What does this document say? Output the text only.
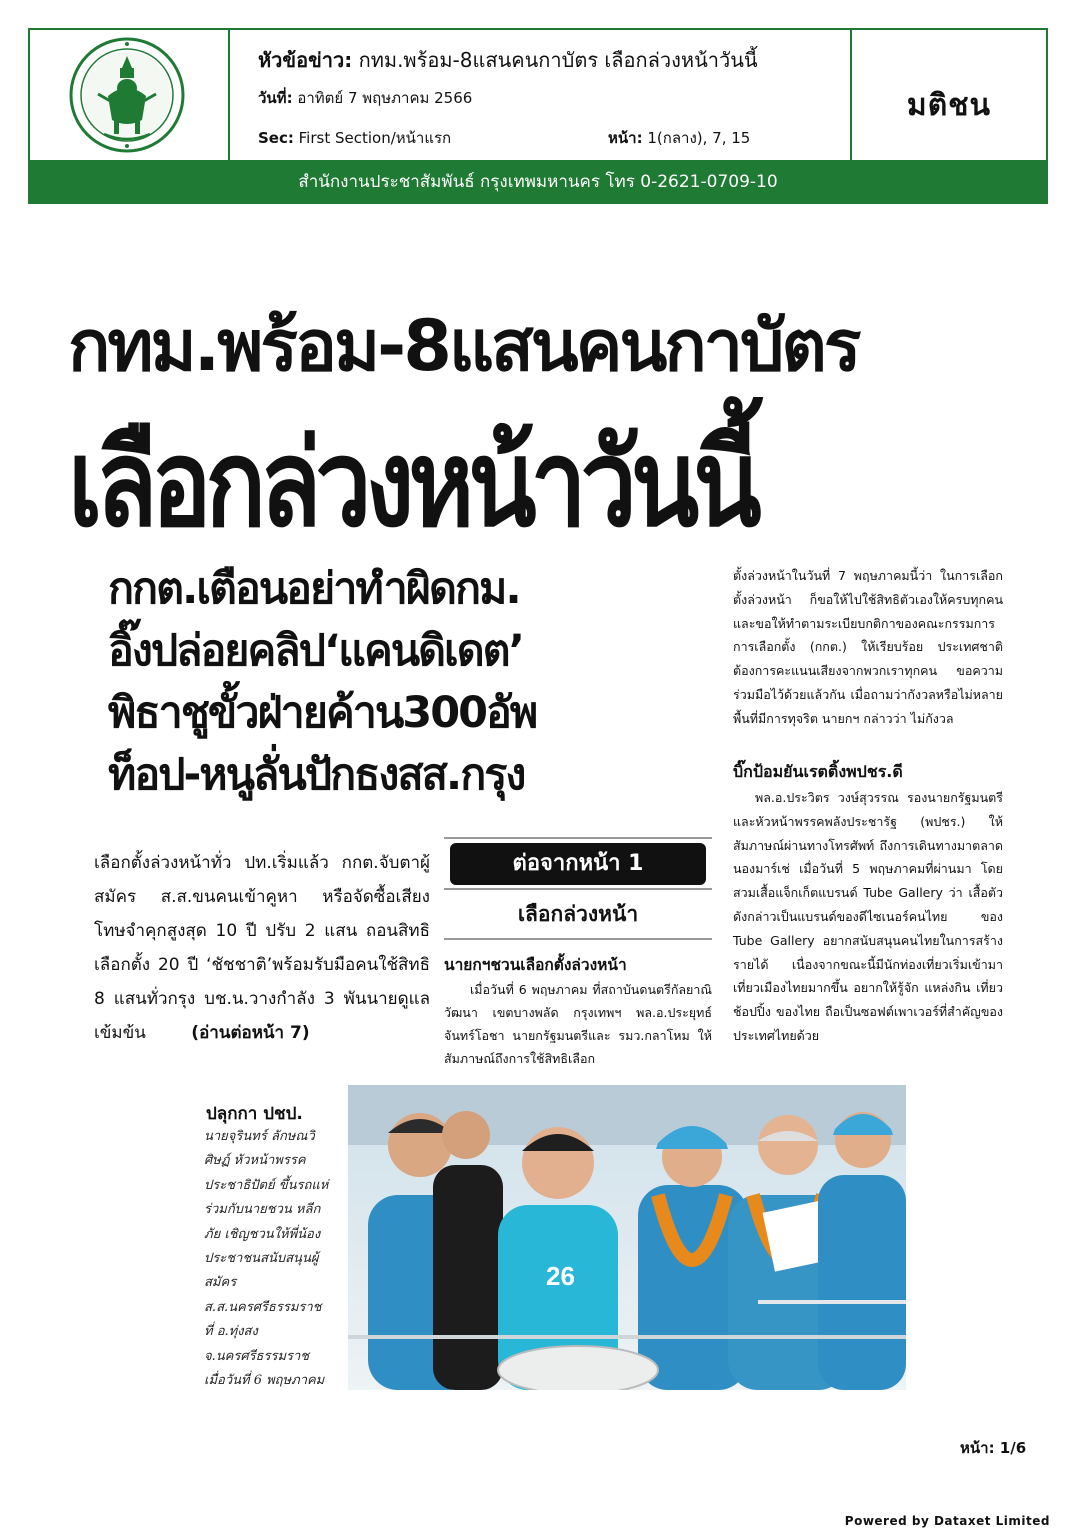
หัวข้อข่าว: กทม.พร้อม-8แสนคนกาบัตร เลือกล่วงหน้าวันนี้
วันที่: อาทิตย์ 7 พฤษภาคม 2566
Sec: First Section/หน้าแรก	หน้า: 1(กลาง), 7, 15
มติชน
สำนักงานประชาสัมพันธ์ กรุงเทพมหานคร โทร 0-2621-0709-10
กทม.พร้อม-8แสนคนกาบัตร
เลือกล่วงหน้าวันนี้
กกต.เตือนอย่าทำผิดกม.
อิ๊งปล่อยคลิป‘แคนดิเดต’
พิธาชูขั้วฝ่ายค้าน300อัพ
ท็อป-หนูลั่นปักธงสส.กรุง
เลือกตั้งล่วงหน้าทั่ว ปท.เริ่มแล้ว กกต.จับตาผู้สมัคร ส.ส.ขนคนเข้าคูหา หรือจัดซื้อเสียง โทษจำคุกสูงสุด 10 ปี ปรับ 2 แสน ถอนสิทธิเลือกตั้ง 20 ปี ‘ชัชชาติ’พร้อมรับมือคนใช้สิทธิ 8 แสนทั่วกรุง บช.น.วางกำลัง 3 พันนายดูแลเข้มข้น	(อ่านต่อหน้า 7)
ต่อจากหน้า 1
เลือกล่วงหน้า
นายกฯชวนเลือกตั้งล่วงหน้า
เมื่อวันที่ 6 พฤษภาคม ที่สถาบันดนตรีกัลยาณิวัฒนา เขตบางพลัด กรุงเทพฯ พล.อ.ประยุทธ์ จันทร์โอชา นายกรัฐมนตรีและ รมว.กลาโหม ให้สัมภาษณ์ถึงการใช้สิทธิเลือก
ตั้งล่วงหน้าในวันที่ 7 พฤษภาคมนี้ว่า ในการเลือกตั้งล่วงหน้า ก็ขอให้ไปใช้สิทธิตัวเองให้ครบทุกคน และขอให้ทำตามระเบียบกติกาของคณะกรรมการการเลือกตั้ง (กกต.) ให้เรียบร้อย ประเทศชาติต้องการคะแนนเสียงจากพวกเราทุกคน ขอความร่วมมือไว้ด้วยแล้วกัน เมื่อถามว่ากังวลหรือไม่หลายพื้นที่มีการทุจริต นายกฯ กล่าวว่า ไม่กังวล
บิ๊กป้อมยันเรตติ้งพปชร.ดี
พล.อ.ประวิตร วงษ์สุวรรณ รองนายกรัฐมนตรี และหัวหน้าพรรคพลังประชารัฐ (พปชร.) ให้สัมภาษณ์ผ่านทางโทรศัพท์ ถึงการเดินทางมาตลาดนองมาร์เช่ เมื่อวันที่ 5 พฤษภาคมที่ผ่านมา โดยสวมเสื้อแจ็กเก็ตแบรนด์ Tube Gallery ว่า เสื้อตัวดังกล่าวเป็นแบรนด์ของดีไซเนอร์คนไทย ของ Tube Gallery อยากสนับสนุนคนไทยในการสร้างรายได้ เนื่องจากขณะนี้มีนักท่องเที่ยวเริ่มเข้ามาเที่ยวเมืองไทยมากขึ้น อยากให้รู้จัก แหล่งกิน เที่ยว ช้อปปิ้ง ของไทย ถือเป็นซอฟต์เพาเวอร์ที่สำคัญของประเทศไทยด้วย
ปลุกกา ปชป.
นายจุรินทร์ ลักษณวิศิษฏ์ หัวหน้าพรรคประชาธิปัตย์ ขึ้นรถแห่ร่วมกับนายชวน หลีกภัย เชิญชวนให้พี่น้องประชาชนสนับสนุนผู้สมัคร ส.ส.นครศรีธรรมราช ที่ อ.ทุ่งสง จ.นครศรีธรรมราช เมื่อวันที่ 6 พฤษภาคม
26
หน้า: 1/6
Powered by Dataxet Limited
